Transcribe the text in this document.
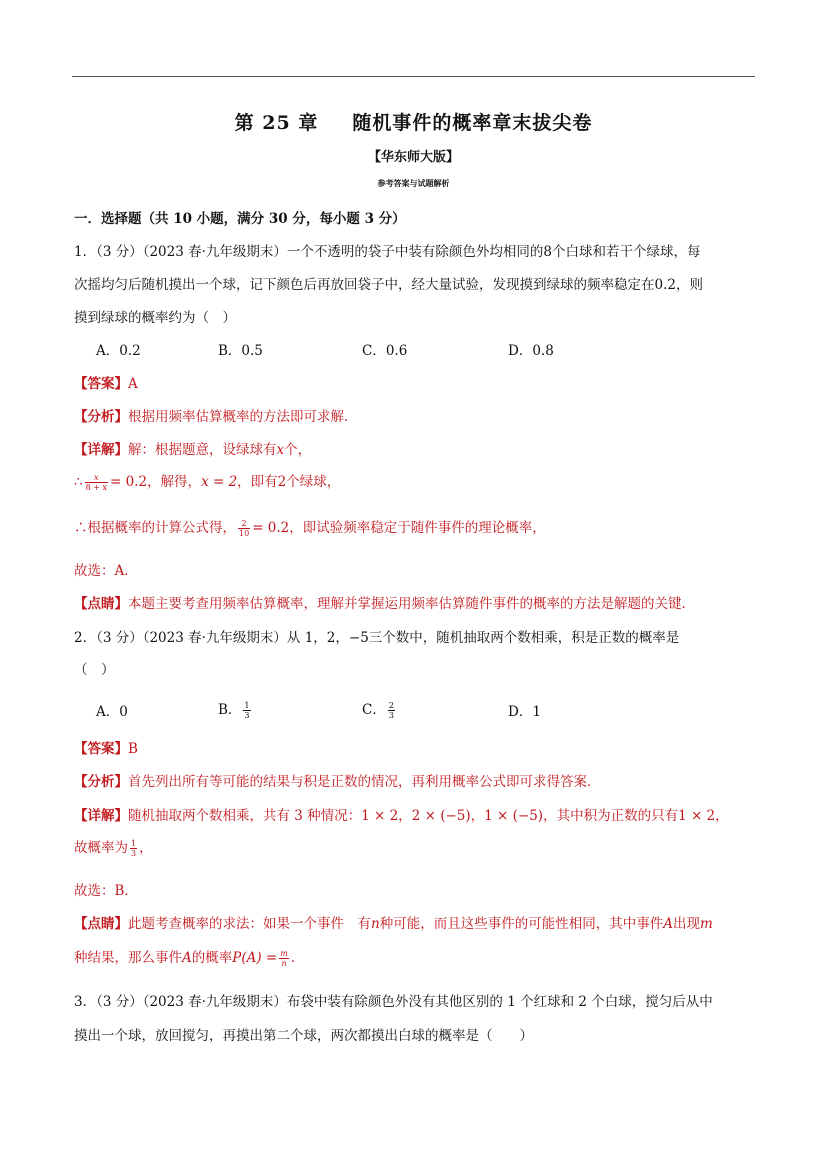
第 25 章 随机事件的概率章末拔尖卷
【华东师大版】
参考答案与试题解析
一．选择题（共 10 小题，满分 30 分，每小题 3 分）
1．（3 分）（2023 春·九年级期末）一个不透明的袋子中装有除颜色外均相同的8个白球和若干个绿球，每
次摇均匀后随机摸出一个球，记下颜色后再放回袋子中，经大量试验，发现摸到绿球的频率稳定在0.2，则
摸到绿球的概率约为（　）
A．0.2	B．0.5	C．0.6	D．0.8
【答案】A
【分析】根据用频率估算概率的方法即可求解．
【详解】解：根据题意，设绿球有x个，
∴ $\frac{x}{8 + x} = 0.2$，解得，x = 2，即有2个绿球，
∴根据概率的计算公式得， $\frac{2}{10} = 0.2$，即试验频率稳定于随件事件的理论概率，
故选：A．
【点睛】本题主要考查用频率估算概率，理解并掌握运用频率估算随件事件的概率的方法是解题的关键．
2．（3 分）（2023 春·九年级期末）从 1，2，−5三个数中，随机抽取两个数相乘，积是正数的概率是
（　）
A．0	B． $\frac{1}{3}$	C． $\frac{2}{3}$	D．1
【答案】B
【分析】首先列出所有等可能的结果与积是正数的情况，再利用概率公式即可求得答案．
【详解】随机抽取两个数相乘，共有 3 种情况：1 × 2，2 × (−5)，1 × (−5)，其中积为正数的只有1 × 2，
故概率为 $\frac{1}{3}$ ，
故选：B．
【点睛】此题考查概率的求法：如果一个事件　有n种可能，而且这些事件的可能性相同，其中事件A出现m
种结果，那么事件A的概率$P(A) = \frac{m}{n}$ ．
3．（3 分）（2023 春·九年级期末）布袋中装有除颜色外没有其他区别的 1 个红球和 2 个白球，搅匀后从中
摸出一个球，放回搅匀，再摸出第二个球，两次都摸出白球的概率是（　　）
